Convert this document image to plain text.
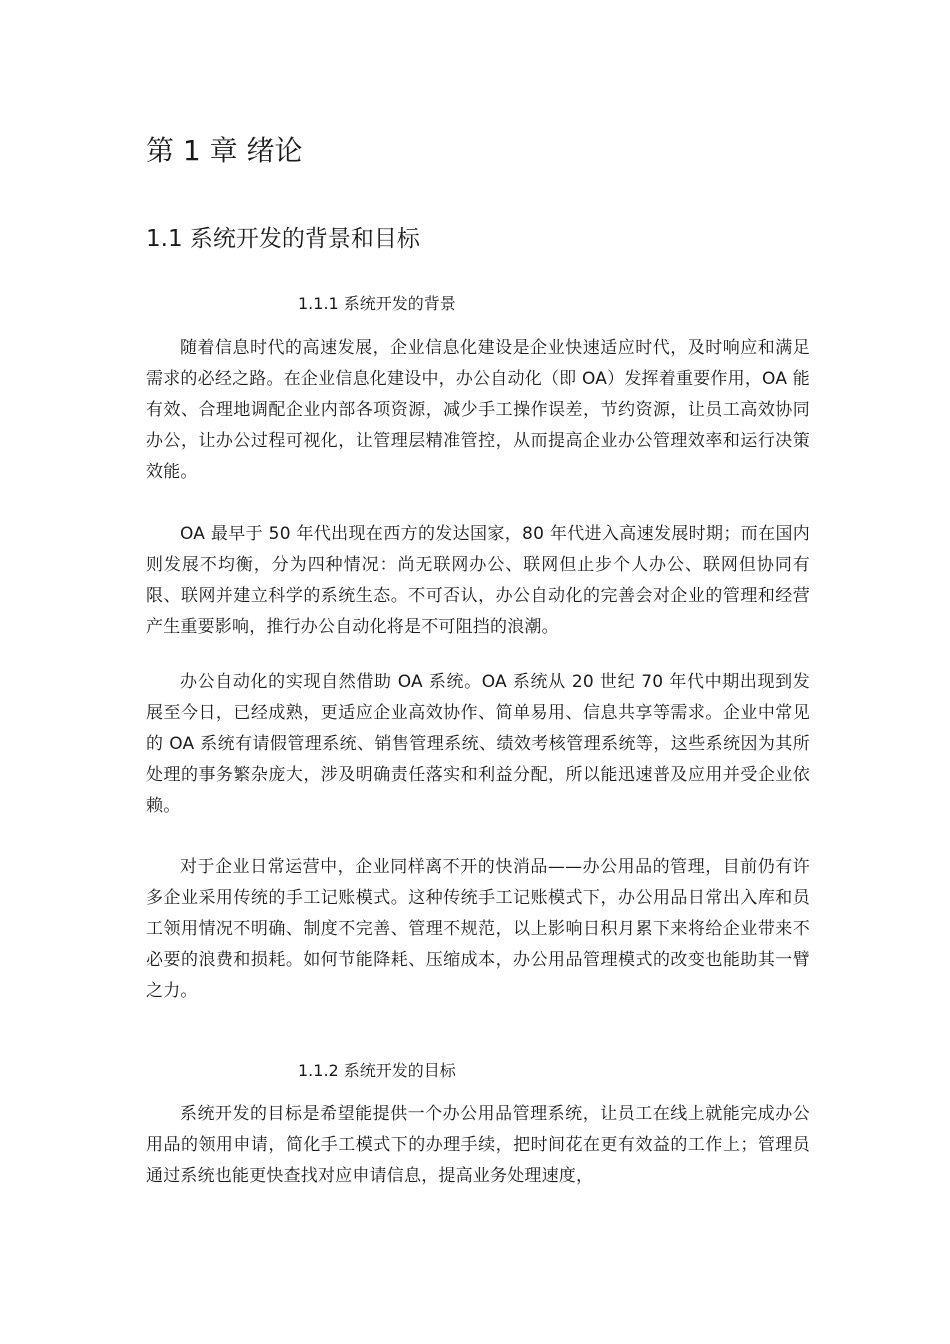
第 1 章 绪论
1.1 系统开发的背景和目标
1.1.1 系统开发的背景

随着信息时代的高速发展，企业信息化建设是企业快速适应时代，及时响应和满足需求的必经之路。在企业信息化建设中，办公自动化（即 OA）发挥着重要作用，OA 能有效、合理地调配企业内部各项资源，减少手工操作误差，节约资源，让员工高效协同办公，让办公过程可视化，让管理层精准管控，从而提高企业办公管理效率和运行决策效能。

OA 最早于 50 年代出现在西方的发达国家，80 年代进入高速发展时期；而在国内则发展不均衡，分为四种情况：尚无联网办公、联网但止步个人办公、联网但协同有限、联网并建立科学的系统生态。不可否认，办公自动化的完善会对企业的管理和经营产生重要影响，推行办公自动化将是不可阻挡的浪潮。

办公自动化的实现自然借助 OA 系统。OA 系统从 20 世纪 70 年代中期出现到发展至今日，已经成熟，更适应企业高效协作、简单易用、信息共享等需求。企业中常见的 OA 系统有请假管理系统、销售管理系统、绩效考核管理系统等，这些系统因为其所处理的事务繁杂庞大，涉及明确责任落实和利益分配，所以能迅速普及应用并受企业依赖。

对于企业日常运营中，企业同样离不开的快消品——办公用品的管理，目前仍有许多企业采用传统的手工记账模式。这种传统手工记账模式下，办公用品日常出入库和员工领用情况不明确、制度不完善、管理不规范，以上影响日积月累下来将给企业带来不必要的浪费和损耗。如何节能降耗、压缩成本，办公用品管理模式的改变也能助其一臂之力。

1.1.2 系统开发的目标

系统开发的目标是希望能提供一个办公用品管理系统，让员工在线上就能完成办公用品的领用申请，简化手工模式下的办理手续，把时间花在更有效益的工作上；管理员通过系统也能更快查找对应申请信息，提高业务处理速度，
